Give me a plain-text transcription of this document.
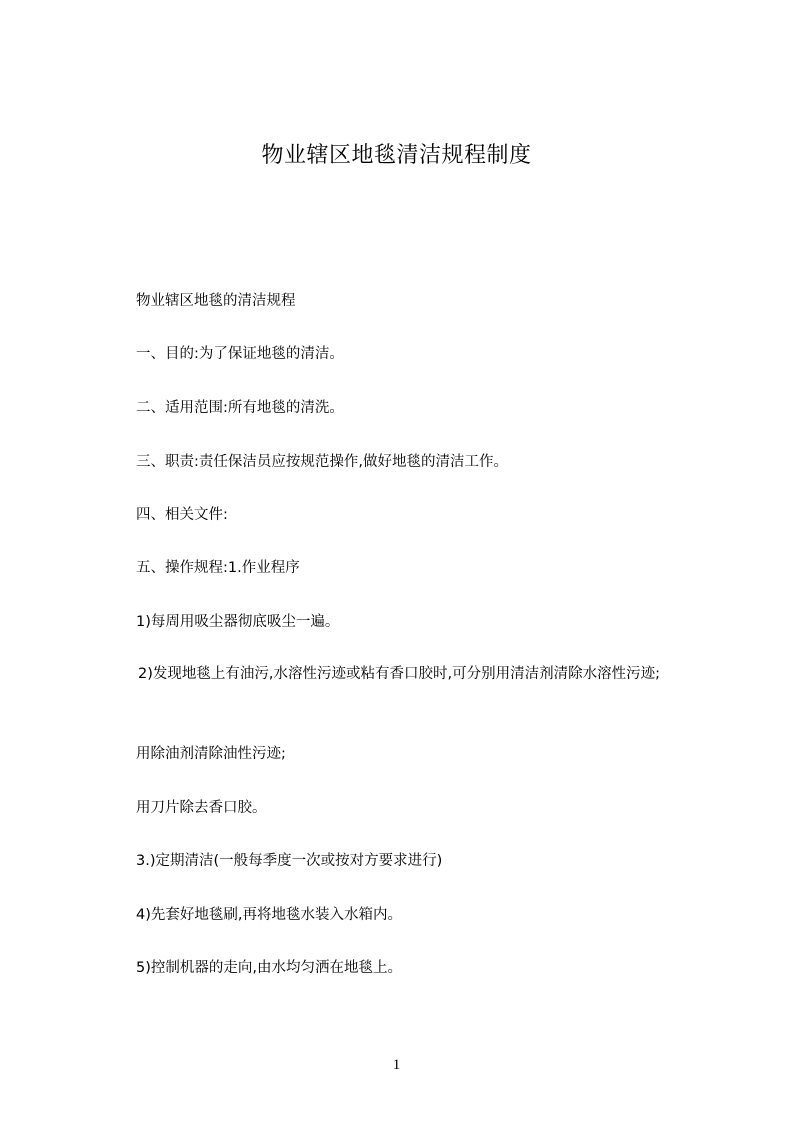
物业辖区地毯清洁规程制度
物业辖区地毯的清洁规程
一、目的:为了保证地毯的清洁。
二、适用范围:所有地毯的清洗。
三、职责:责任保洁员应按规范操作,做好地毯的清洁工作。
四、相关文件:
五、操作规程:1.作业程序
1)每周用吸尘器彻底吸尘一遍。
2)发现地毯上有油污,水溶性污迹或粘有香口胶时,可分别用清洁剂清除水溶性污迹;
用除油剂清除油性污迹;
用刀片除去香口胶。
3.)定期清洁(一般每季度一次或按对方要求进行)
4)先套好地毯刷,再将地毯水装入水箱内。
5)控制机器的走向,由水均匀洒在地毯上。
1
